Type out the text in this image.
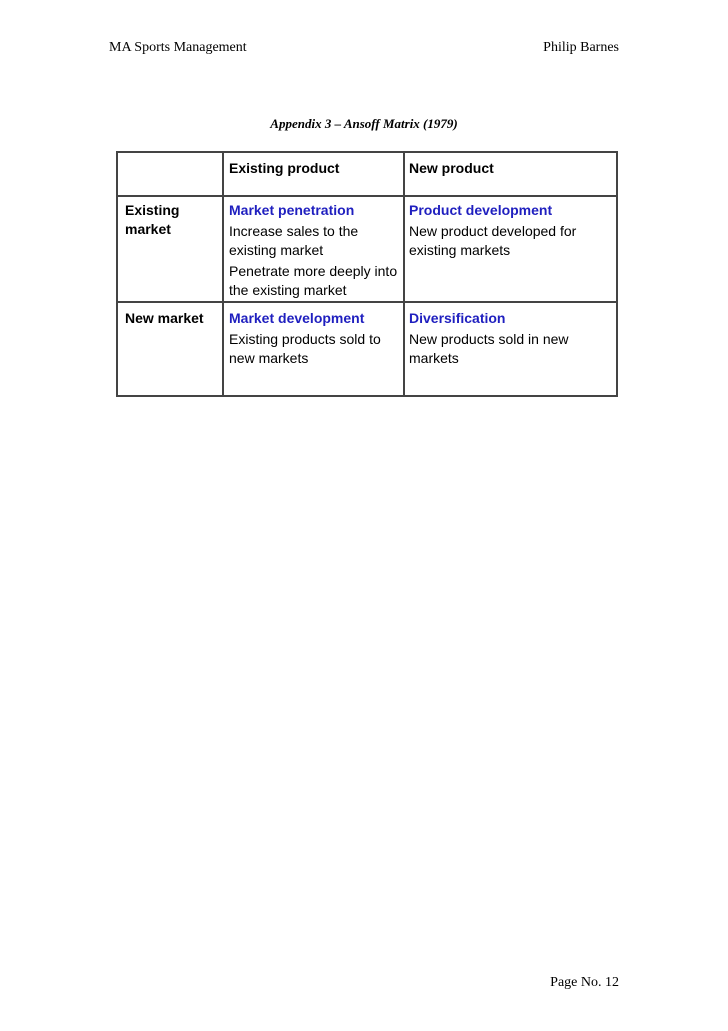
MA Sports Management	Philip Barnes
Appendix 3 – Ansoff Matrix (1979)
Existing product	New product
Existing
market
New market
Market penetration
Increase sales to the existing market
Penetrate more deeply into the existing market
Product development
New product developed for existing markets
Market development
Existing products sold to new markets
Diversification
New products sold in new markets
Page No. 12
